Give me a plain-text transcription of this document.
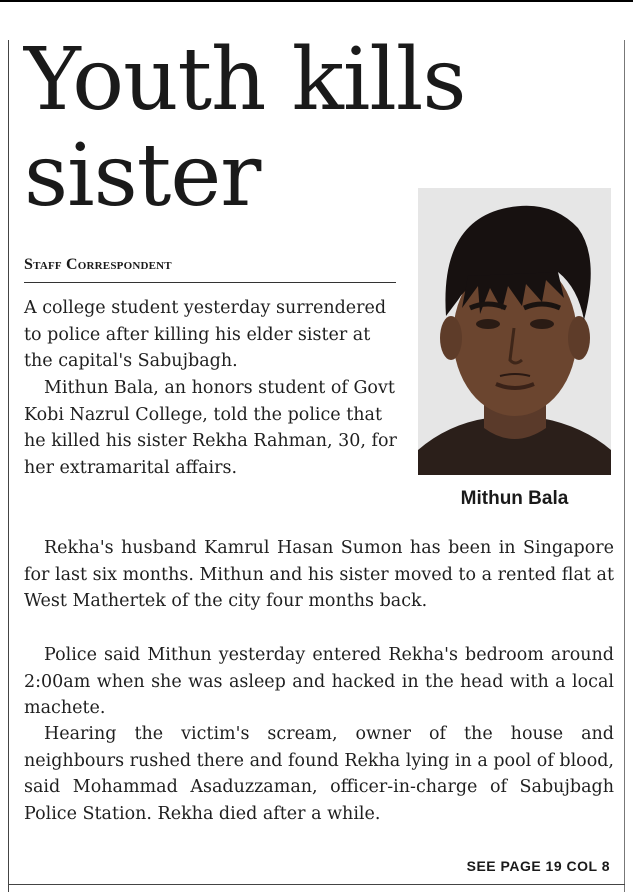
Youth kills sister

Staff Correspondent

Mithun Bala

A college student yesterday surrendered to police after killing his elder sister at the capital's Sabujbagh.

Mithun Bala, an honors student of Govt Kobi Nazrul College, told the police that he killed his sister Rekha Rahman, 30, for her extramarital affairs.

Rekha's husband Kamrul Hasan Sumon has been in Singapore for last six months. Mithun and his sister moved to a rented flat at West Mathertek of the city four months back.

Police said Mithun yesterday entered Rekha's bedroom around 2:00am when she was asleep and hacked in the head with a local machete.

Hearing the victim's scream, owner of the house and neighbours rushed there and found Rekha lying in a pool of blood, said Mohammad Asaduzzaman, officer-in-charge of Sabujbagh Police Station. Rekha died after a while.

SEE PAGE 19 COL 8
